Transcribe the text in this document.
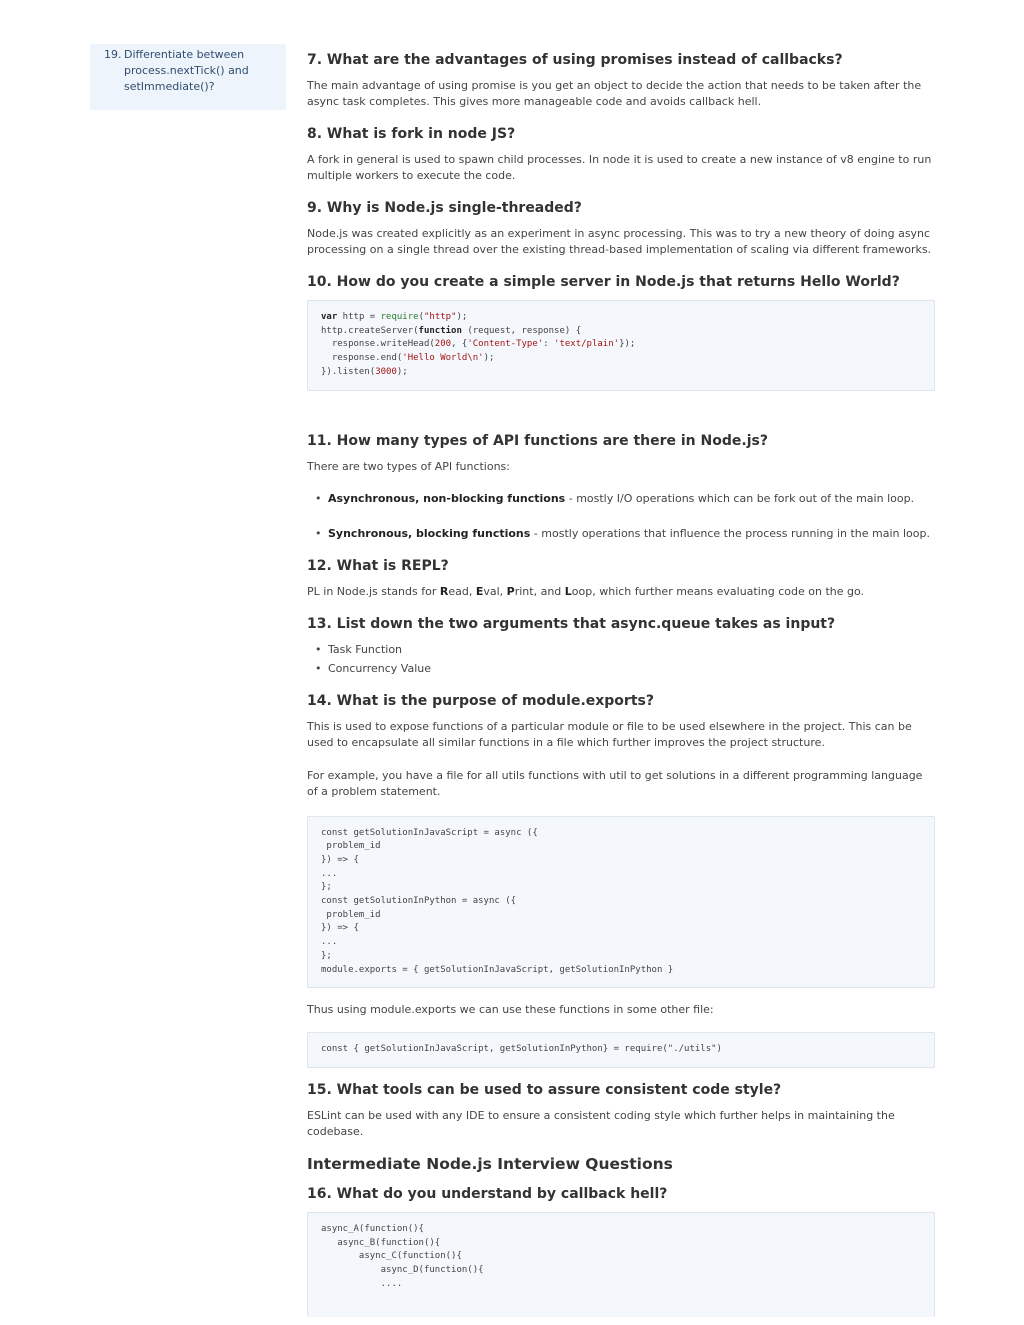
19. Differentiate between process.nextTick() and setImmediate()?
7. What are the advantages of using promises instead of callbacks?

The main advantage of using promise is you get an object to decide the action that needs to be taken after the async task completes. This gives more manageable code and avoids callback hell.

8. What is fork in node JS?

A fork in general is used to spawn child processes. In node it is used to create a new instance of v8 engine to run multiple workers to execute the code.

9. Why is Node.js single-threaded?

Node.js was created explicitly as an experiment in async processing. This was to try a new theory of doing async processing on a single thread over the existing thread-based implementation of scaling via different frameworks.

10. How do you create a simple server in Node.js that returns Hello World?
var http = require("http");
http.createServer(function (request, response) {
response.writeHead(200, {'Content-Type': 'text/plain'});
response.end('Hello World\n');
}).listen(3000);
11. How many types of API functions are there in Node.js?

There are two types of API functions:

• Asynchronous, non-blocking functions - mostly I/O operations which can be fork out of the main loop.
• Synchronous, blocking functions - mostly operations that influence the process running in the main loop.
12. What is REPL?

PL in Node.js stands for Read, Eval, Print, and Loop, which further means evaluating code on the go.

13. List down the two arguments that async.queue takes as input?
• Task Function
• Concurrency Value
14. What is the purpose of module.exports?

This is used to expose functions of a particular module or file to be used elsewhere in the project. This can be used to encapsulate all similar functions in a file which further improves the project structure.

For example, you have a file for all utils functions with util to get solutions in a different programming language of a problem statement.

const getSolutionInJavaScript = async ({
problem_id
}) => {
...
};
const getSolutionInPython = async ({
problem_id
}) => {
...
};
module.exports = { getSolutionInJavaScript, getSolutionInPython }

Thus using module.exports we can use these functions in some other file:

const { getSolutionInJavaScript, getSolutionInPython} = require("./utils")
15. What tools can be used to assure consistent code style?

ESLint can be used with any IDE to ensure a consistent coding style which further helps in maintaining the codebase.

Intermediate Node.js Interview Questions
16. What do you understand by callback hell?
async_A(function(){
async_B(function(){
async_C(function(){
async_D(function(){
....
